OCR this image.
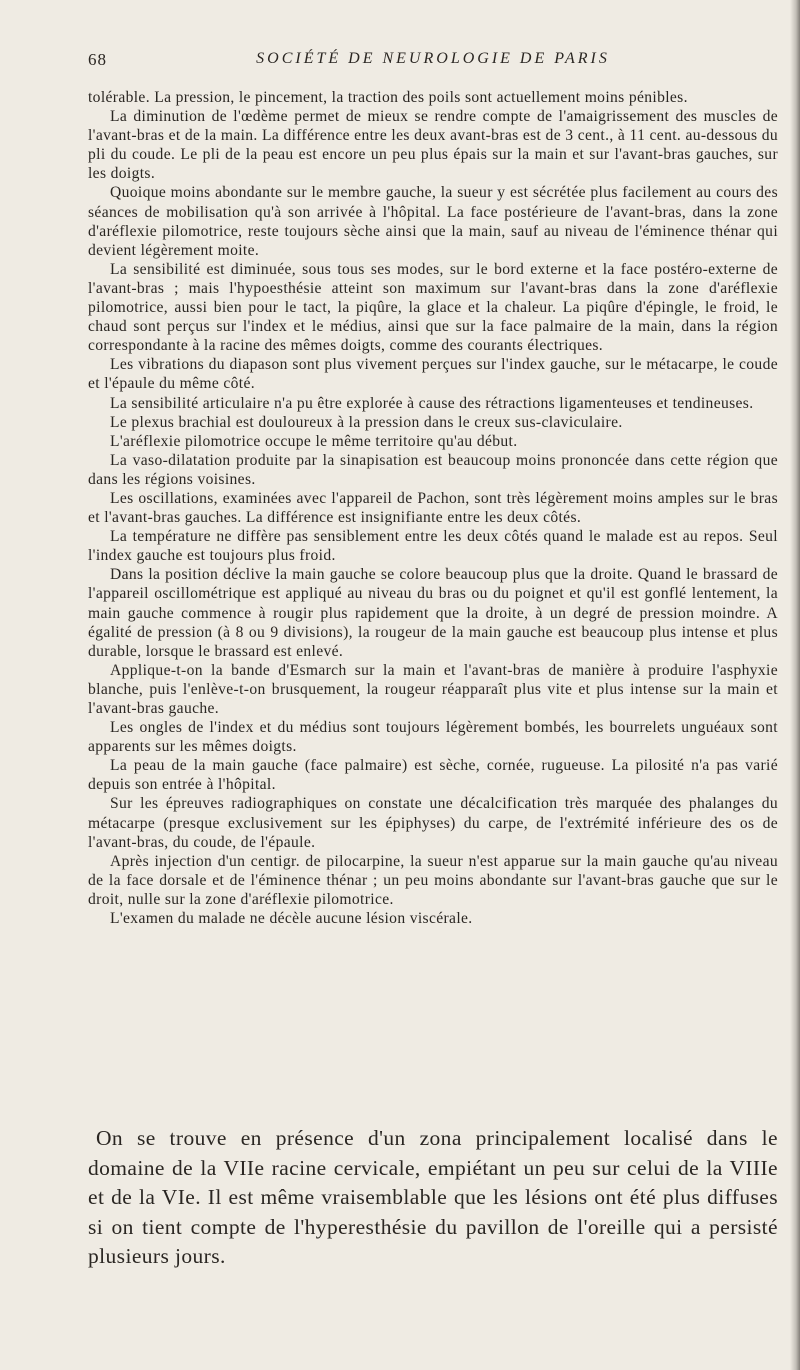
68	SOCIÉTÉ DE NEUROLOGIE DE PARIS

tolérable. La pression, le pincement, la traction des poils sont actuellement moins pénibles.

La diminution de l'œdème permet de mieux se rendre compte de l'amaigrissement des muscles de l'avant-bras et de la main. La différence entre les deux avant-bras est de 3 cent., à 11 cent. au-dessous du pli du coude. Le pli de la peau est encore un peu plus épais sur la main et sur l'avant-bras gauches, sur les doigts.

Quoique moins abondante sur le membre gauche, la sueur y est sécrétée plus facilement au cours des séances de mobilisation qu'à son arrivée à l'hôpital. La face postérieure de l'avant-bras, dans la zone d'aréflexie pilomotrice, reste toujours sèche ainsi que la main, sauf au niveau de l'éminence thénar qui devient légèrement moite.

La sensibilité est diminuée, sous tous ses modes, sur le bord externe et la face postéro-externe de l'avant-bras ; mais l'hypoesthésie atteint son maximum sur l'avant-bras dans la zone d'aréflexie pilomotrice, aussi bien pour le tact, la piqûre, la glace et la chaleur. La piqûre d'épingle, le froid, le chaud sont perçus sur l'index et le médius, ainsi que sur la face palmaire de la main, dans la région correspondante à la racine des mêmes doigts, comme des courants électriques.

Les vibrations du diapason sont plus vivement perçues sur l'index gauche, sur le métacarpe, le coude et l'épaule du même côté.

La sensibilité articulaire n'a pu être explorée à cause des rétractions ligamenteuses et tendineuses.

Le plexus brachial est douloureux à la pression dans le creux sus-claviculaire.

L'aréflexie pilomotrice occupe le même territoire qu'au début.

La vaso-dilatation produite par la sinapisation est beaucoup moins prononcée dans cette région que dans les régions voisines.

Les oscillations, examinées avec l'appareil de Pachon, sont très légèrement moins amples sur le bras et l'avant-bras gauches. La différence est insignifiante entre les deux côtés.

La température ne diffère pas sensiblement entre les deux côtés quand le malade est au repos. Seul l'index gauche est toujours plus froid.

Dans la position déclive la main gauche se colore beaucoup plus que la droite. Quand le brassard de l'appareil oscillométrique est appliqué au niveau du bras ou du poignet et qu'il est gonflé lentement, la main gauche commence à rougir plus rapidement que la droite, à un degré de pression moindre. A égalité de pression (à 8 ou 9 divisions), la rougeur de la main gauche est beaucoup plus intense et plus durable, lorsque le brassard est enlevé.

Applique-t-on la bande d'Esmarch sur la main et l'avant-bras de manière à produire l'asphyxie blanche, puis l'enlève-t-on brusquement, la rougeur réapparaît plus vite et plus intense sur la main et l'avant-bras gauche.

Les ongles de l'index et du médius sont toujours légèrement bombés, les bourrelets unguéaux sont apparents sur les mêmes doigts.

La peau de la main gauche (face palmaire) est sèche, cornée, rugueuse. La pilosité n'a pas varié depuis son entrée à l'hôpital.

Sur les épreuves radiographiques on constate une décalcification très marquée des phalanges du métacarpe (presque exclusivement sur les épiphyses) du carpe, de l'extrémité inférieure des os de l'avant-bras, du coude, de l'épaule.

Après injection d'un centigr. de pilocarpine, la sueur n'est apparue sur la main gauche qu'au niveau de la face dorsale et de l'éminence thénar ; un peu moins abondante sur l'avant-bras gauche que sur le droit, nulle sur la zone d'aréflexie pilomotrice.

L'examen du malade ne décèle aucune lésion viscérale.

On se trouve en présence d'un zona principalement localisé dans le domaine de la VIIe racine cervicale, empiétant un peu sur celui de la VIIIe et de la VIe. Il est même vraisemblable que les lésions ont été plus diffuses si on tient compte de l'hyperesthésie du pavillon de l'oreille qui a persisté plusieurs jours.
